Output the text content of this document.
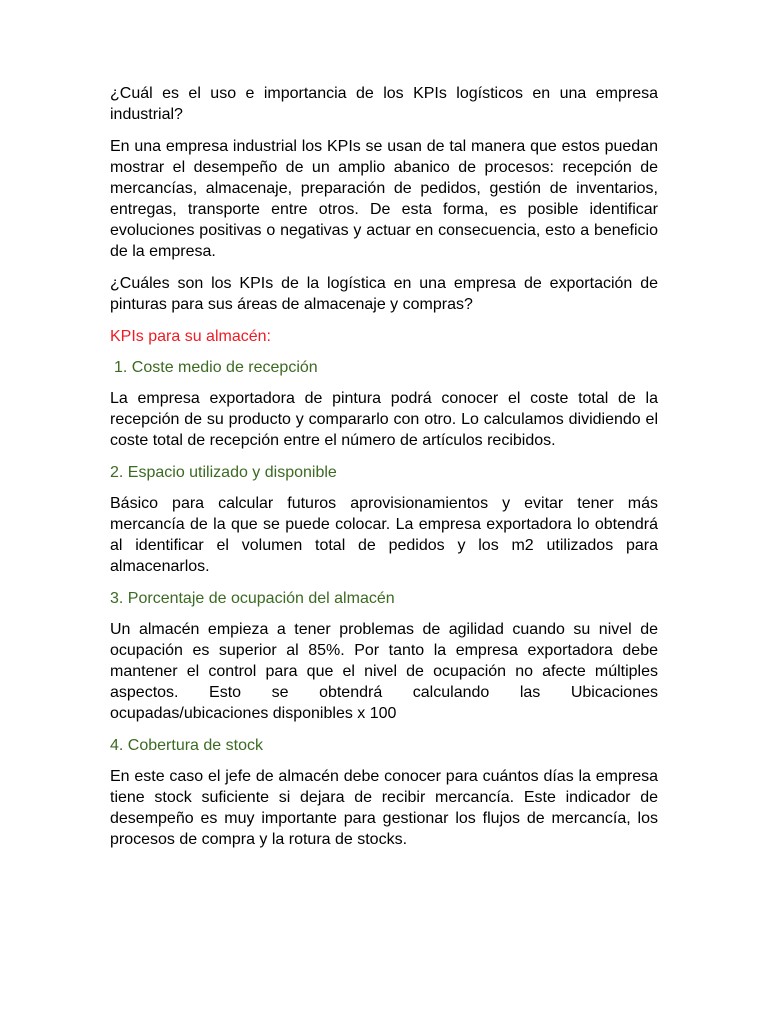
¿Cuál es el uso e importancia de los KPIs logísticos en una empresa industrial?

En una empresa industrial los KPIs se usan de tal manera que estos puedan mostrar el desempeño de un amplio abanico de procesos: recepción de mercancías, almacenaje, preparación de pedidos, gestión de inventarios, entregas, transporte entre otros. De esta forma, es posible identificar evoluciones positivas o negativas y actuar en consecuencia, esto a beneficio de la empresa.

¿Cuáles son los KPIs de la logística en una empresa de exportación de pinturas para sus áreas de almacenaje y compras?

KPIs para su almacén:

1. Coste medio de recepción

La empresa exportadora de pintura podrá conocer el coste total de la recepción de su producto y compararlo con otro. Lo calculamos dividiendo el coste total de recepción entre el número de artículos recibidos.

2. Espacio utilizado y disponible

Básico para calcular futuros aprovisionamientos y evitar tener más mercancía de la que se puede colocar. La empresa exportadora lo obtendrá al identificar el volumen total de pedidos y los m2 utilizados para almacenarlos.

3. Porcentaje de ocupación del almacén

Un almacén empieza a tener problemas de agilidad cuando su nivel de ocupación es superior al 85%. Por tanto la empresa exportadora debe mantener el control para que el nivel de ocupación no afecte múltiples aspectos. Esto se obtendrá calculando las Ubicaciones ocupadas/ubicaciones disponibles x 100

4. Cobertura de stock

En este caso el jefe de almacén debe conocer para cuántos días la empresa tiene stock suficiente si dejara de recibir mercancía. Este indicador de desempeño es muy importante para gestionar los flujos de mercancía, los procesos de compra y la rotura de stocks.
